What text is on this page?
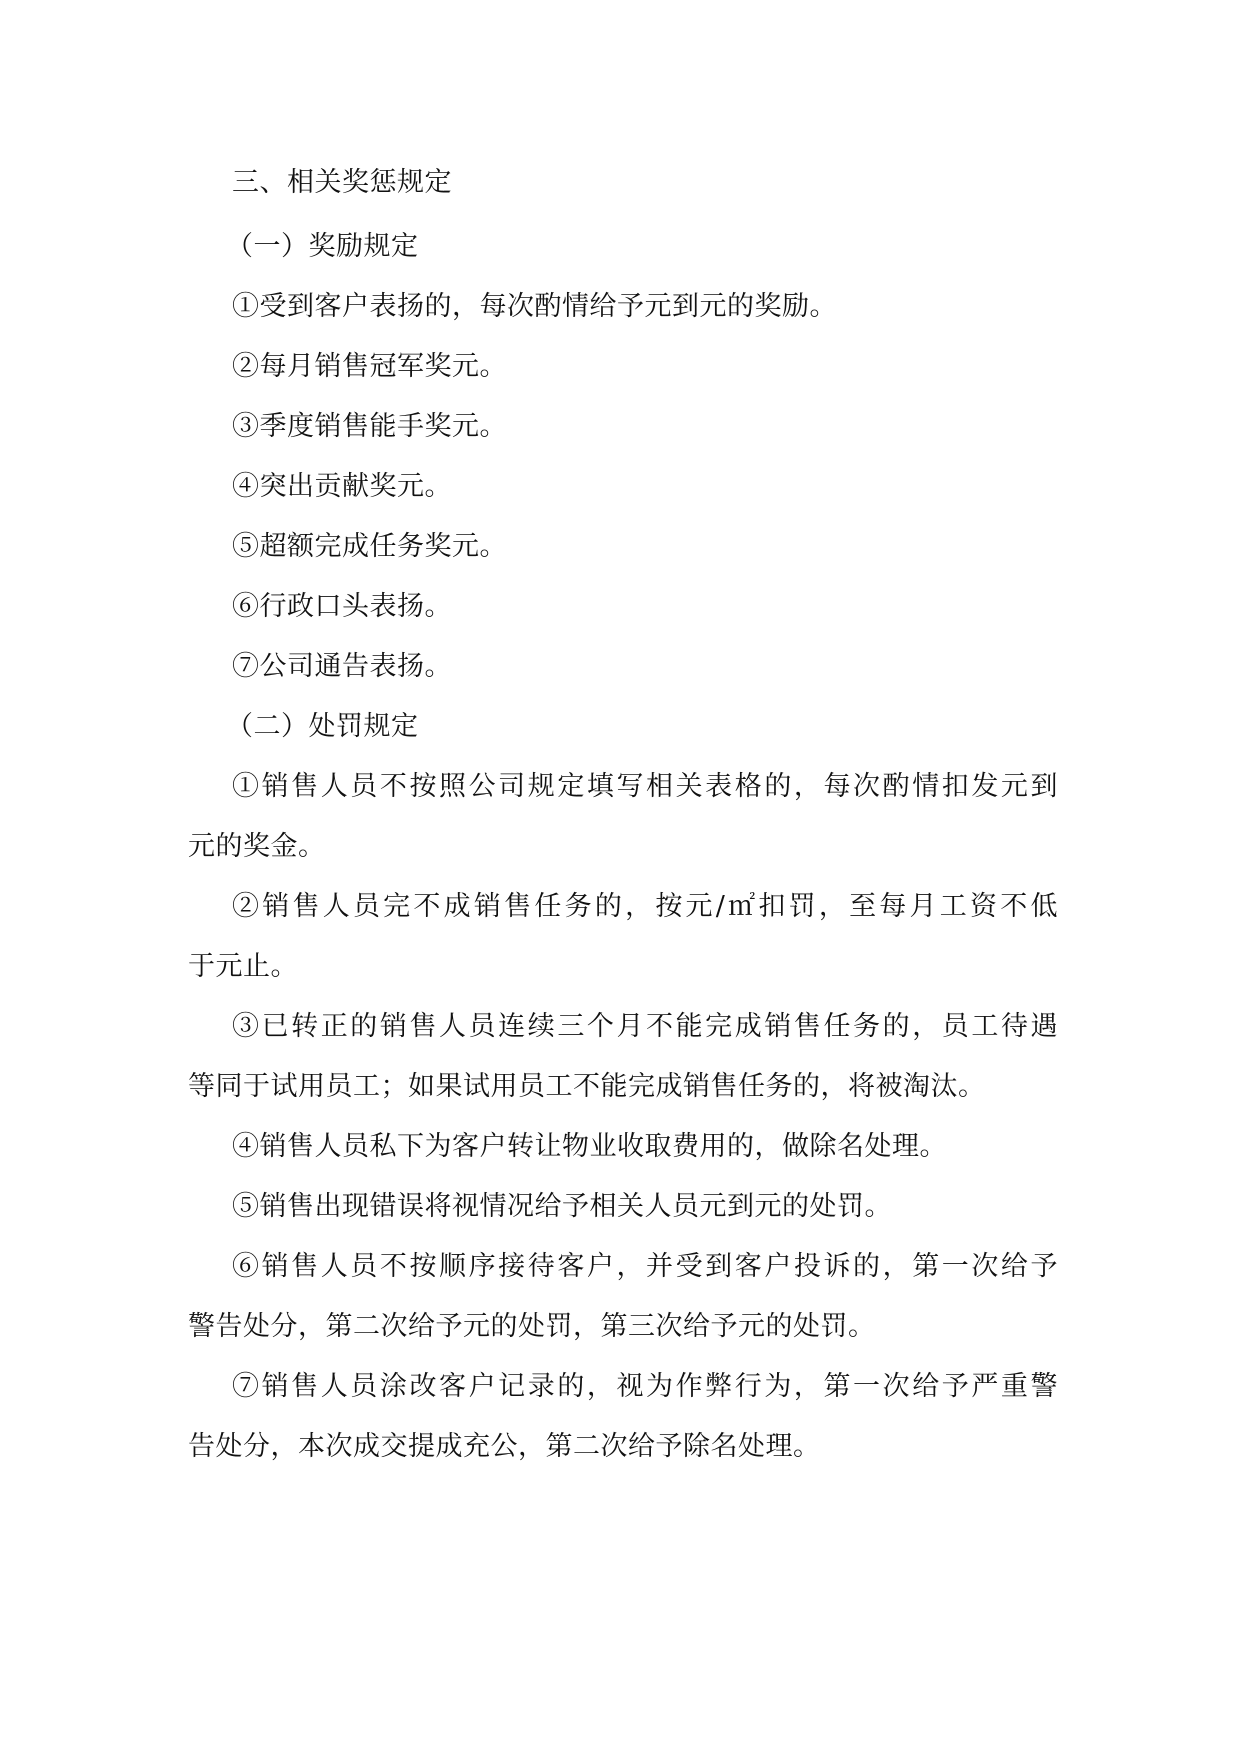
三、相关奖惩规定
（一）奖励规定
①受到客户表扬的，每次酌情给予元到元的奖励。
②每月销售冠军奖元。
③季度销售能手奖元。
④突出贡献奖元。
⑤超额完成任务奖元。
⑥行政口头表扬。
⑦公司通告表扬。
（二）处罚规定
①销售人员不按照公司规定填写相关表格的，每次酌情扣发元到
元的奖金。
②销售人员完不成销售任务的，按元/㎡扣罚，至每月工资不低
于元止。
③已转正的销售人员连续三个月不能完成销售任务的，员工待遇
等同于试用员工；如果试用员工不能完成销售任务的，将被淘汰。
④销售人员私下为客户转让物业收取费用的，做除名处理。
⑤销售出现错误将视情况给予相关人员元到元的处罚。
⑥销售人员不按顺序接待客户，并受到客户投诉的，第一次给予
警告处分，第二次给予元的处罚，第三次给予元的处罚。
⑦销售人员涂改客户记录的，视为作弊行为，第一次给予严重警
告处分，本次成交提成充公，第二次给予除名处理。
